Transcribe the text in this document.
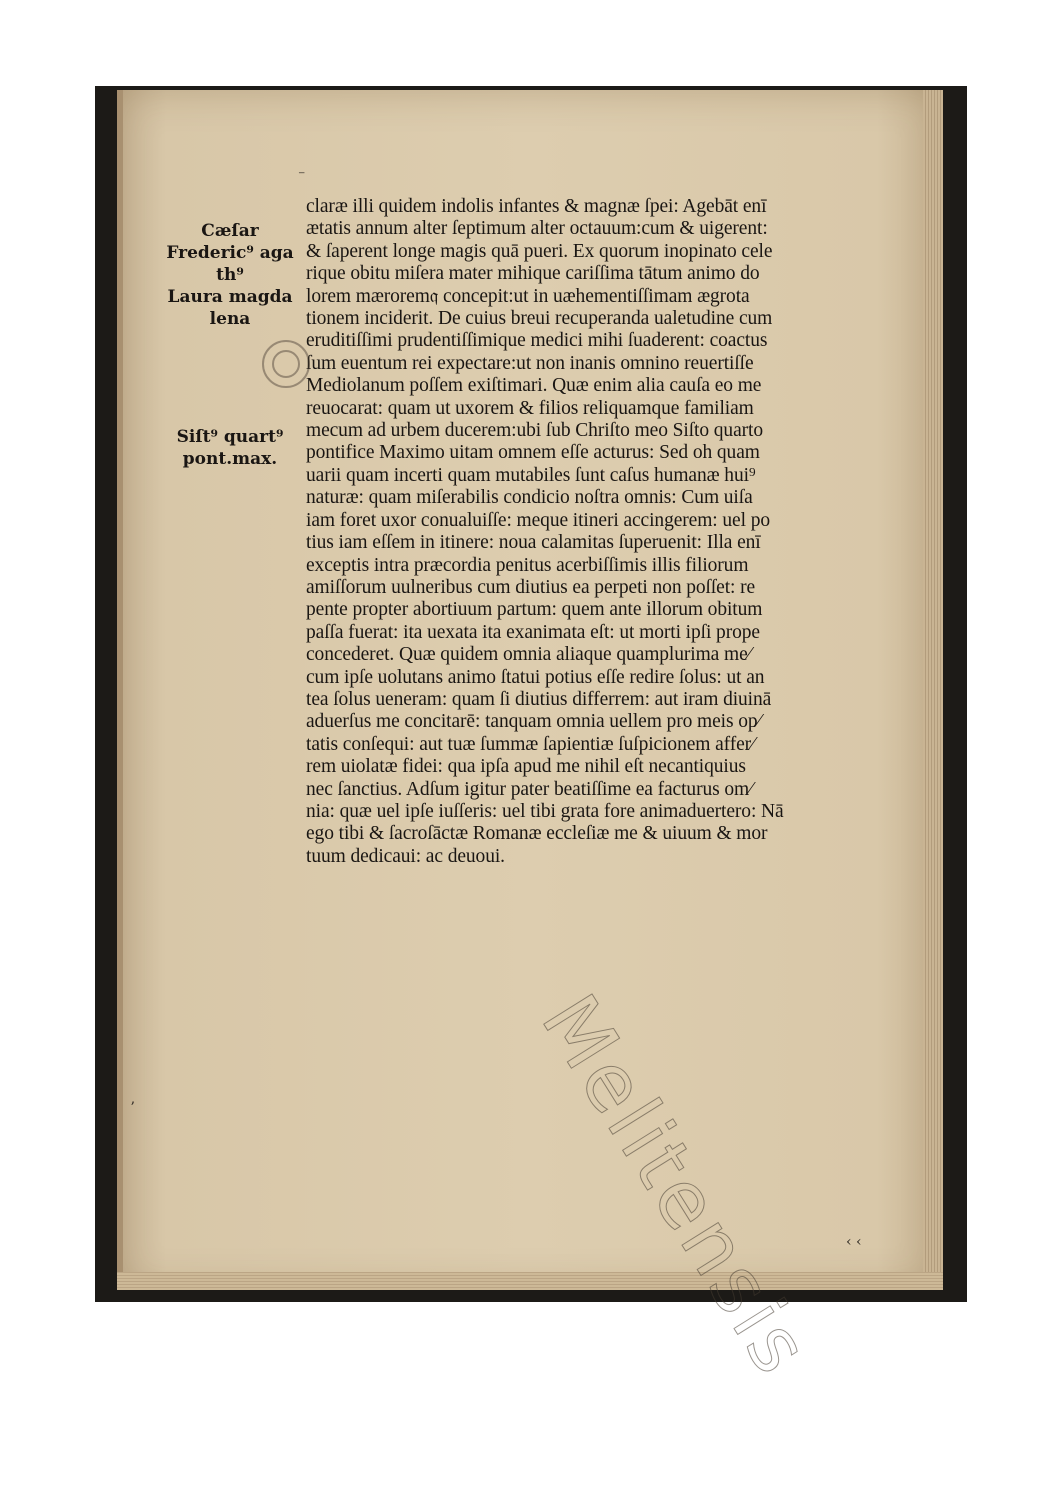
Cæſar
Frederic⁹ aga
th⁹
Laura magda
lena
Siſt⁹ quart⁹
pont.max.
claræ illi quidem indolis infantes & magnæ ſpei: Agebāt enī
ætatis annum alter ſeptimum alter octauum:cum & uigerent:
& ſaperent longe magis quā pueri. Ex quorum inopinato cele
rique obitu miſera mater mihique cariſſima tātum animo do
lorem mærorem𝔮 concepit:ut in uæhementiſſimam ægrota
tionem inciderit. De cuius breui recuperanda ualetudine cum
eruditiſſimi prudentiſſimique medici mihi ſuaderent: coactus
ſum euentum rei expectare:ut non inanis omnino reuertiſſe
Mediolanum poſſem exiſtimari. Quæ enim alia cauſa eo me
reuocarat: quam ut uxorem & filios reliquamque familiam
mecum ad urbem ducerem:ubi ſub Chriſto meo Siſto quarto
pontifice Maximo uitam omnem eſſe acturus: Sed oh quam
uarii quam incerti quam mutabiles ſunt caſus humanæ hui⁹
naturæ: quam miſerabilis condicio noſtra omnis: Cum uiſa
iam foret uxor conualuiſſe: meque itineri accingerem: uel po
tius iam eſſem in itinere: noua calamitas ſuperuenit: Illa enī
exceptis intra præcordia penitus acerbiſſimis illis filiorum
amiſſorum uulneribus cum diutius ea perpeti non poſſet: re
pente propter abortiuum partum: quem ante illorum obitum
paſſa fuerat: ita uexata ita exanimata eſt: ut morti ipſi prope
concederet. Quæ quidem omnia aliaque quamplurima me⁄
cum ipſe uolutans animo ſtatui potius eſſe redire ſolus: ut an
tea ſolus ueneram: quam ſi diutius differrem: aut iram diuinā
aduerſus me concitarē: tanquam omnia uellem pro meis op⁄
tatis conſequi: aut tuæ ſummæ ſapientiæ ſuſpicionem affer⁄
rem uiolatæ fidei: qua ipſa apud me nihil eſt necantiquius
nec ſanctius. Adſum igitur pater beatiſſime ea facturus om⁄
nia: quæ uel ipſe iuſſeris: uel tibi grata fore animaduertero: Nā
ego tibi & ſacroſāctæ Romanæ eccleſiæ me & uiuum & mor
tuum dedicaui: ac deuoui.
⁻
ʼ
‹ ‹
